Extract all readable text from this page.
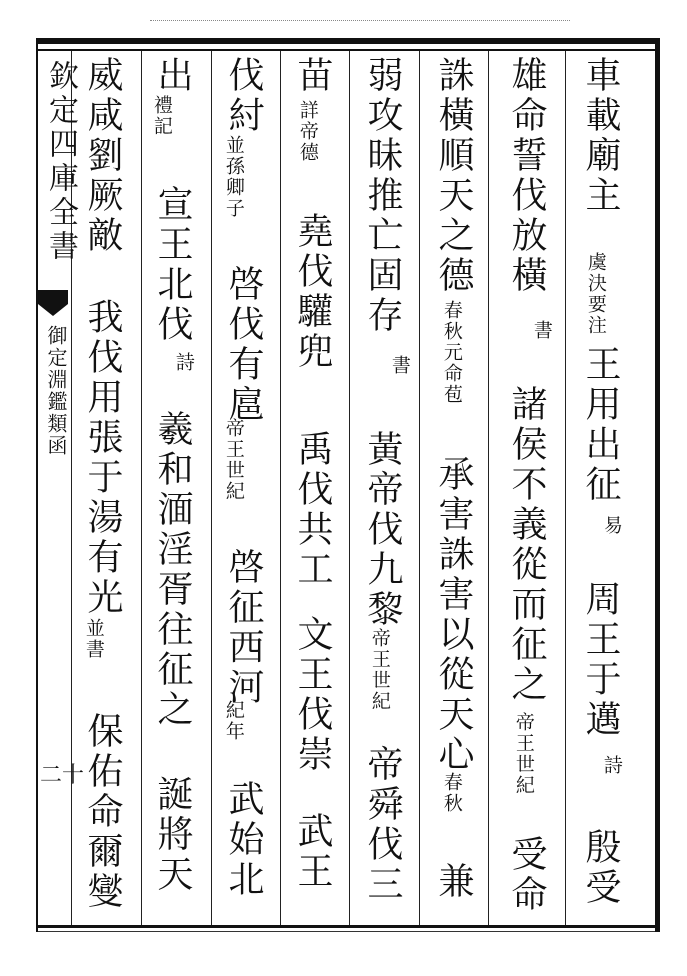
欽定四庫全書
御定淵鑑類函
二十
車載廟主
虞決要注
王用出征
易
周王于邁
詩
殷受
雄命誓伐放橫
書
諸侯不義從而征之
帝王世紀
受命
誅橫順天之德
春秋元命苞
承害誅害以從天心
春秋
兼
弱攻昧推亡固存
書
黃帝伐九黎
帝王世紀
帝舜伐三
苗
詳帝德
堯伐驩兜
禹伐共工
文王伐崇
武王
伐紂
並孫卿子
啓伐有扈
帝王世紀
啓征西河
紀年
武始北
出
禮記
宣王北伐
詩
羲和湎淫胥往征之
誕將天
威咸劉厥敵
我伐用張于湯有光
並書
保佑命爾燮
